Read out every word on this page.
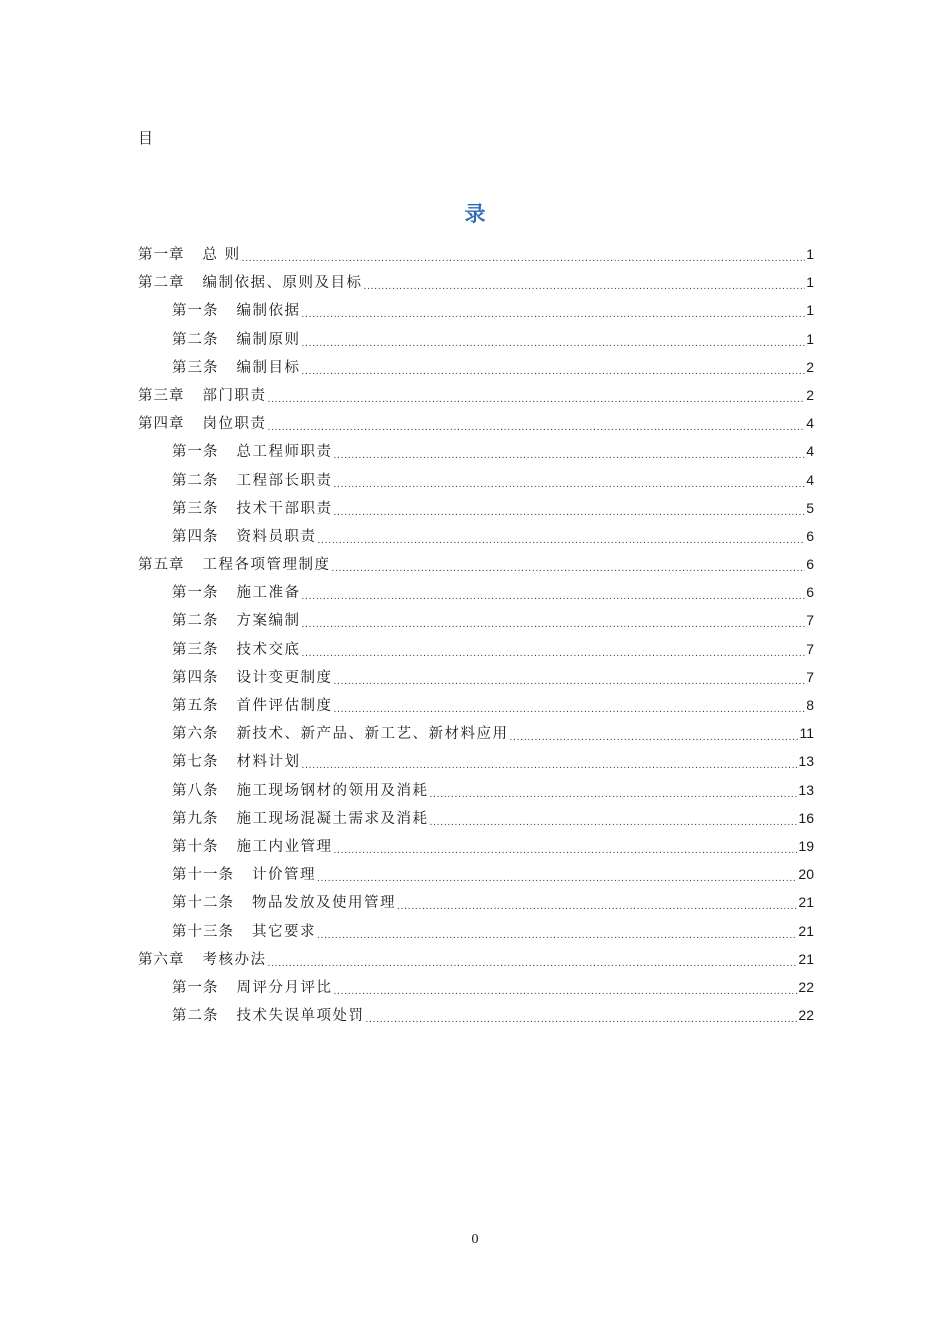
目
录
第一章	总 则 .....	1
第二章	编制依据、原则及目标 .....	1
第一条	编制依据 .....	1
第二条	编制原则 .....	1
第三条	编制目标 .....	2
第三章	部门职责 .....	2
第四章	岗位职责 .....	4
第一条	总工程师职责 .....	4
第二条	工程部长职责 .....	4
第三条	技术干部职责 .....	5
第四条	资料员职责 .....	6
第五章	工程各项管理制度 .....	6
第一条	施工准备 .....	6
第二条	方案编制 .....	7
第三条	技术交底 .....	7
第四条	设计变更制度 .....	7
第五条	首件评估制度 .....	8
第六条	新技术、新产品、新工艺、新材料应用 .....	11
第七条	材料计划 .....	13
第八条	施工现场钢材的领用及消耗 .....	13
第九条	施工现场混凝土需求及消耗 .....	16
第十条	施工内业管理 .....	19
第十一条	计价管理 .....	20
第十二条	物品发放及使用管理 .....	21
第十三条	其它要求 .....	21
第六章	考核办法 .....	21
第一条	周评分月评比 .....	22
第二条	技术失误单项处罚 .....	22
0
